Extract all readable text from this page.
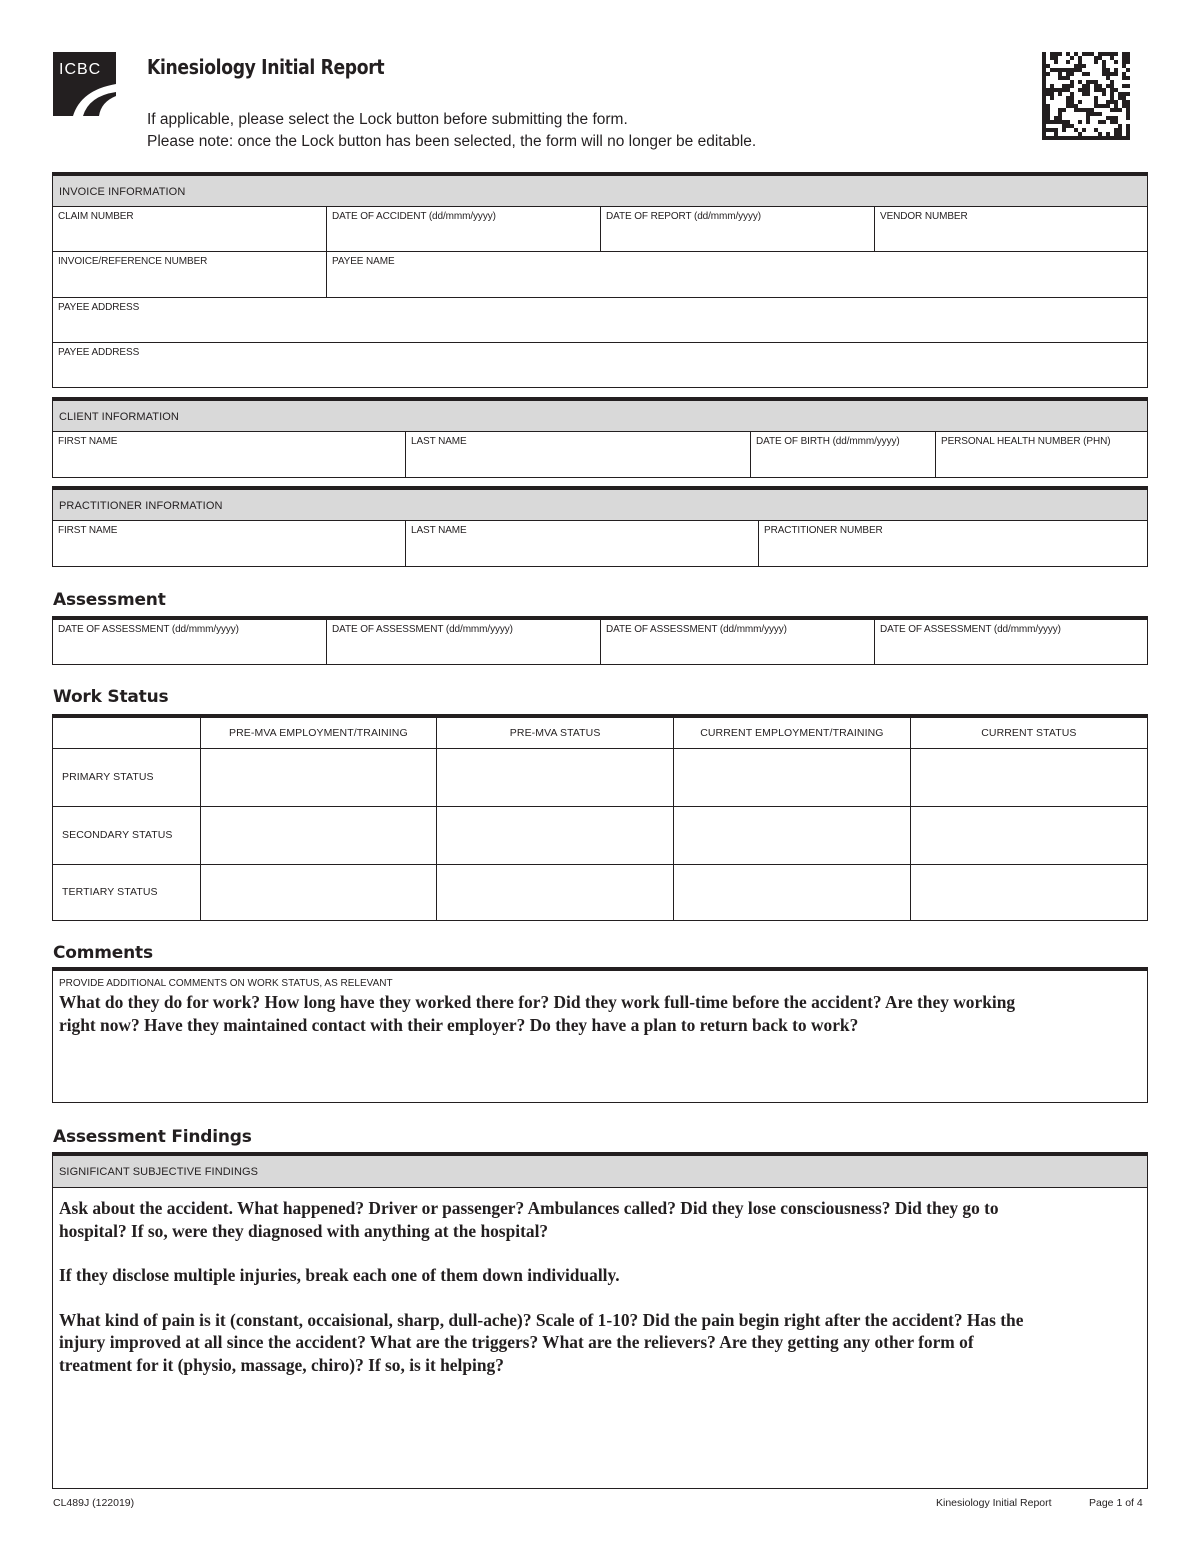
ICBC Kinesiology Initial Report
If applicable, please select the Lock button before submitting the form.
Please note: once the Lock button has been selected, the form will no longer be editable.
INVOICE INFORMATION
CLAIM NUMBER	DATE OF ACCIDENT (dd/mmm/yyyy)	DATE OF REPORT (dd/mmm/yyyy)	VENDOR NUMBER
INVOICE/REFERENCE NUMBER	PAYEE NAME
PAYEE ADDRESS
PAYEE ADDRESS
CLIENT INFORMATION
FIRST NAME	LAST NAME	DATE OF BIRTH (dd/mmm/yyyy)	PERSONAL HEALTH NUMBER (PHN)
PRACTITIONER INFORMATION
FIRST NAME	LAST NAME	PRACTITIONER NUMBER
Assessment
DATE OF ASSESSMENT (dd/mmm/yyyy)	DATE OF ASSESSMENT (dd/mmm/yyyy)	DATE OF ASSESSMENT (dd/mmm/yyyy)	DATE OF ASSESSMENT (dd/mmm/yyyy)
Work Status
	PRE-MVA EMPLOYMENT/TRAINING	PRE-MVA STATUS	CURRENT EMPLOYMENT/TRAINING	CURRENT STATUS
PRIMARY STATUS				
SECONDARY STATUS				
TERTIARY STATUS				
Comments
PROVIDE ADDITIONAL COMMENTS ON WORK STATUS, AS RELEVANT
What do they do for work? How long have they worked there for? Did they work full-time before the accident? Are they working
right now? Have they maintained contact with their employer? Do they have a plan to return back to work?
Assessment Findings
SIGNIFICANT SUBJECTIVE FINDINGS

Ask about the accident. What happened? Driver or passenger? Ambulances called? Did they lose consciousness? Did they go to
hospital? If so, were they diagnosed with anything at the hospital?

If they disclose multiple injuries, break each one of them down individually.

What kind of pain is it (constant, occaisional, sharp, dull-ache)? Scale of 1-10? Did the pain begin right after the accident? Has the
injury improved at all since the accident? What are the triggers? What are the relievers? Are they getting any other form of
treatment for it (physio, massage, chiro)? If so, is it helping?

CL489J (122019)	Kinesiology Initial Report	Page 1 of 4
